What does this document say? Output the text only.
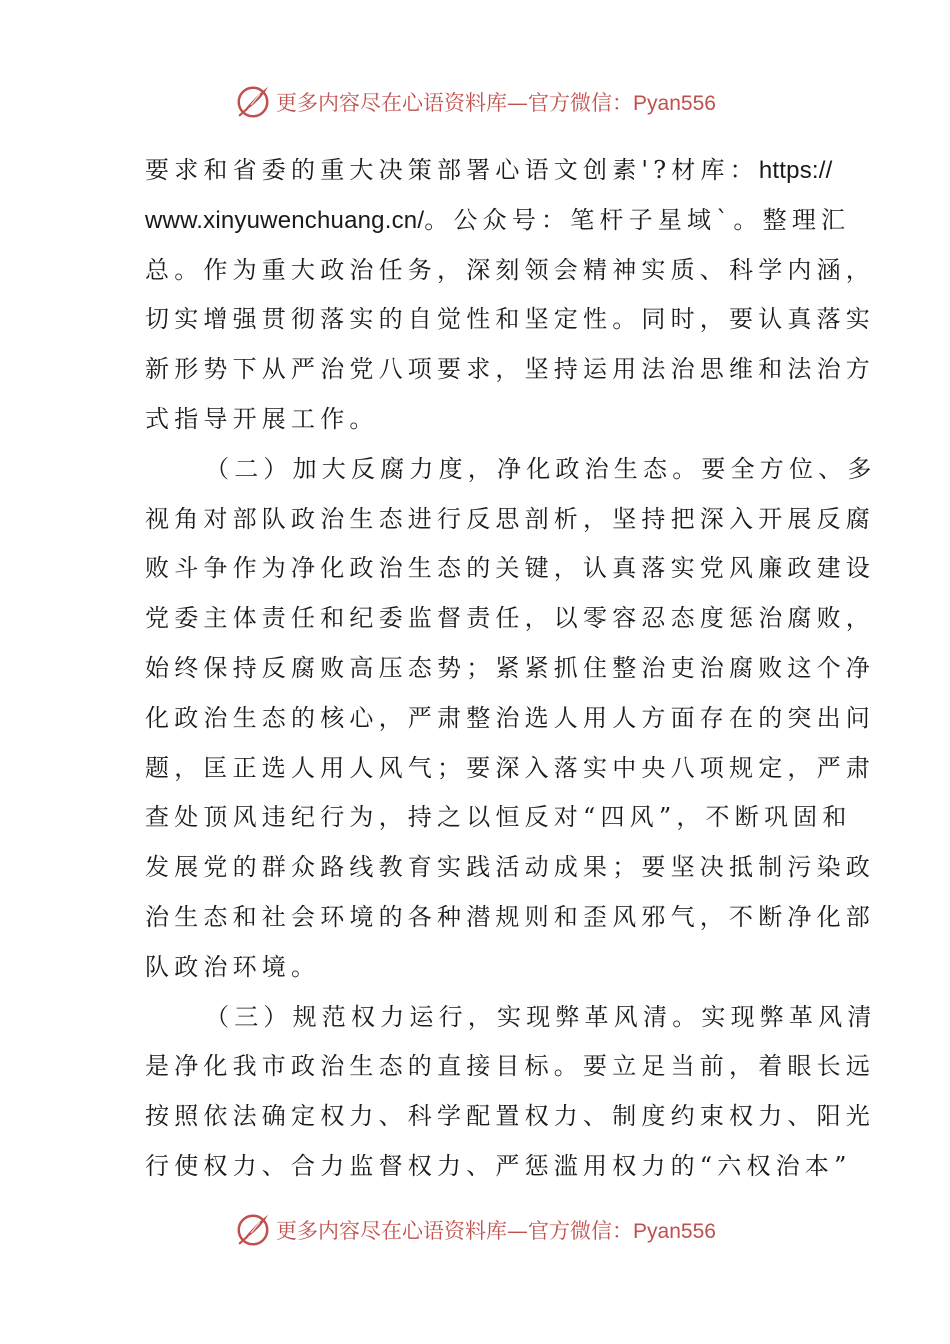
更多内容尽在心语资料库—官方微信：Pyan556

要求和省委的重大决策部署心语文创素'?材库：https://
www.xinyuwenchuang.cn/。公众号：笔杆子星域`。整理汇
总。作为重大政治任务，深刻领会精神实质、科学内涵，
切实增强贯彻落实的自觉性和坚定性。同时，要认真落实
新形势下从严治党八项要求，坚持运用法治思维和法治方
式指导开展工作。

（二）加大反腐力度，净化政治生态。要全方位、多
视角对部队政治生态进行反思剖析，坚持把深入开展反腐
败斗争作为净化政治生态的关键，认真落实党风廉政建设
党委主体责任和纪委监督责任，以零容忍态度惩治腐败，
始终保持反腐败高压态势；紧紧抓住整治吏治腐败这个净
化政治生态的核心，严肃整治选人用人方面存在的突出问
题，匡正选人用人风气；要深入落实中央八项规定，严肃
查处顶风违纪行为，持之以恒反对“四风”，不断巩固和
发展党的群众路线教育实践活动成果；要坚决抵制污染政
治生态和社会环境的各种潜规则和歪风邪气，不断净化部
队政治环境。

（三）规范权力运行，实现弊革风清。实现弊革风清
是净化我市政治生态的直接目标。要立足当前，着眼长远
按照依法确定权力、科学配置权力、制度约束权力、阳光
行使权力、合力监督权力、严惩滥用权力的“六权治本”

更多内容尽在心语资料库—官方微信：Pyan556
